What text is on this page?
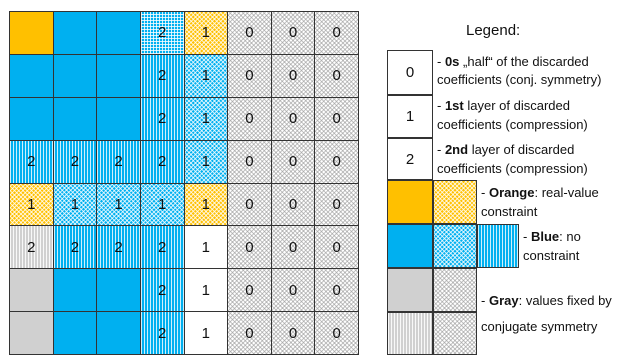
2 1 0 0 0
2 1 0 0 0
2 1 0 0 0
2 2 2 2 1 0 0 0
1 1 1 1 1 0 0 0
2 2 2 2 1 0 0 0
2 1 0 0 0
2 1 0 0 0
Legend:
0
1
2
- 0s „half“ of the discarded
coefficients (conj. symmetry)
- 1st layer of discarded
coefficients (compression)
- 2nd layer of discarded
coefficients (compression)
- Orange: real-value
constraint
- Blue: no
constraint
- Gray: values fixed by
conjugate symmetry
